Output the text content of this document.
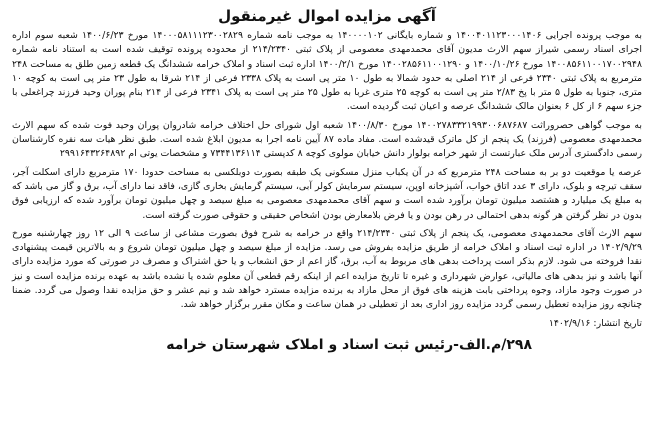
آگهی مزایده اموال غیرمنقول

به موجب پرونده اجرایی ۱۴۰۰۴۰۱۱۲۳۰۰۰۱۴۰۶ و شماره بایگانی ۱۴۰۰۰۰۱۰۲ به موجب نامه شماره ۱۴۰۰۰۵۸۱۱۱۲۳۰۰۲۸۲۹ مورخ ۱۴۰۰/۶/۲۳ شعبه سوم اداره اجرای اسناد رسمی شیراز سهم الارث مدیون آقای محمدمهدی معصومی از پلاک ثبتی ۲۱۴/۲۳۴۰ از محدوده پرونده توقیف شده است به استناد نامه شماره ۱۴۰۰۸۵۶۱۱۰۰۱۷۰۰۲۹۴۸ مورخ ۱۴۰۰/۱۰/۲۶ و ۱۴۰۰۲۸۵۶۱۱۰۰۱۲۹۰ مورخ ۱۴۰۰/۲/۱ اداره ثبت اسناد و املاک خرامه ششدانگ یک قطعه زمین طلق به مساحت ۲۴۸ مترمربع به پلاک ثبتی ۲۳۴۰ فرعی از ۲۱۴ اصلی به حدود شمالا به طول ۱۰ متر پی است به پلاک ۲۳۳۸ فرعی از ۲۱۴ شرقا به طول ۲۳ متر پی است به کوچه ۱۰ متری، جنوبا به طول ۵ متر با پخ ۲/۸۳ متر پی است به کوچه ۲۵ متری غربا به طول ۲۵ متر پی است به پلاک ۲۳۴۱ فرعی از ۲۱۴ بنام پوران وحید فرزند چراغعلی با جزء سهم ۶ از کل ۶ بعنوان مالک ششدانگ عرصه و اعیان ثبت گردیده است.

به موجب گواهی حصروراثت ۱۴۰۰۲۷۸۳۳۲۱۹۹۳۰۰۶۸۷۶۸۷ مورخ ۱۴۰۰/۸/۳۰ شعبه اول شورای حل اختلاف خرامه شادروان پوران وحید فوت شده که سهم الارث محمدمهدی معصومی (فرزند) یک پنجم از کل ماترک قیدشده است. مفاد ماده ۸۷ آیین نامه اجرا به مدیون ابلاغ شده است. طبق نظر هیات سه نفره کارشناسان رسمی دادگستری آدرس ملک عبارتست از شهر خرامه بولوار دانش خیابان مولوی کوچه ۸ کدپستی ۷۳۴۴۱۳۶۱۱۴ و مشخصات یوتی ام ۲۹۹۱۶۴۳۲۶۴۸۹۲

عرصه یا موقعیت دو بر به مساحت ۲۴۸ مترمربع که در آن یکباب منزل مسکونی یک طبقه بصورت دوبلکسی به مساحت حدودا ۱۷۰ مترمربع دارای اسکلت آجر، سقف تیرچه و بلوک، دارای ۳ عدد اتاق خواب، آشپزخانه اوپن، سیستم سرمایش کولر آبی، سیستم گرمایش بخاری گازی، فاقد نما دارای آب، برق و گاز می باشد که به مبلغ یک میلیارد و هشتصد میلیون تومان برآورد شده است و سهم آقای محمدمهدی معصومی به مبلغ سیصد و چهل میلیون تومان برآورد شده که ارزیابی فوق بدون در نظر گرفتن هر گونه بدهی احتمالی در رهن بودن و یا فرض بلامعارض بودن اشخاص حقیقی و حقوقی صورت گرفته است.

سهم الارث آقای محمدمهدی معصومی، یک پنجم از پلاک ثبتی ۲۱۴/۲۳۴۰ واقع در خرامه به شرح فوق بصورت مشاعی از ساعت ۹ الی ۱۲ روز چهارشنبه مورخ ۱۴۰۲/۹/۲۹ در اداره ثبت اسناد و املاک خرامه از طریق مزایده بفروش می رسد. مزایده از مبلغ سیصد و چهل میلیون تومان شروع و به بالاترین قیمت پیشنهادی نقدا فروخته می شود. لازم بذکر است پرداخت بدهی های مربوط به آب، برق، گاز اعم از حق انشعاب و یا حق اشتراک و مصرف در صورتی که مورد مزایده دارای آنها باشد و نیز بدهی های مالیاتی، عوارض شهرداری و غیره تا تاریخ مزایده اعم از اینکه رقم قطعی آن معلوم شده یا نشده باشد به عهده برنده مزایده است و نیز در صورت وجود مازاد، وجوه پرداختی بابت هزینه های فوق از محل مازاد به برنده مزایده مسترد خواهد شد و نیم عشر و حق مزایده نقدا وصول می گردد. ضمنا چنانچه روز مزایده تعطیل رسمی گردد مزایده روز اداری بعد از تعطیلی در همان ساعت و مکان مقرر برگزار خواهد شد.

تاریخ انتشار: ۱۴۰۲/۹/۱۶

۲۹۸/م.الف-رئیس ثبت اسناد و املاک شهرستان خرامه
